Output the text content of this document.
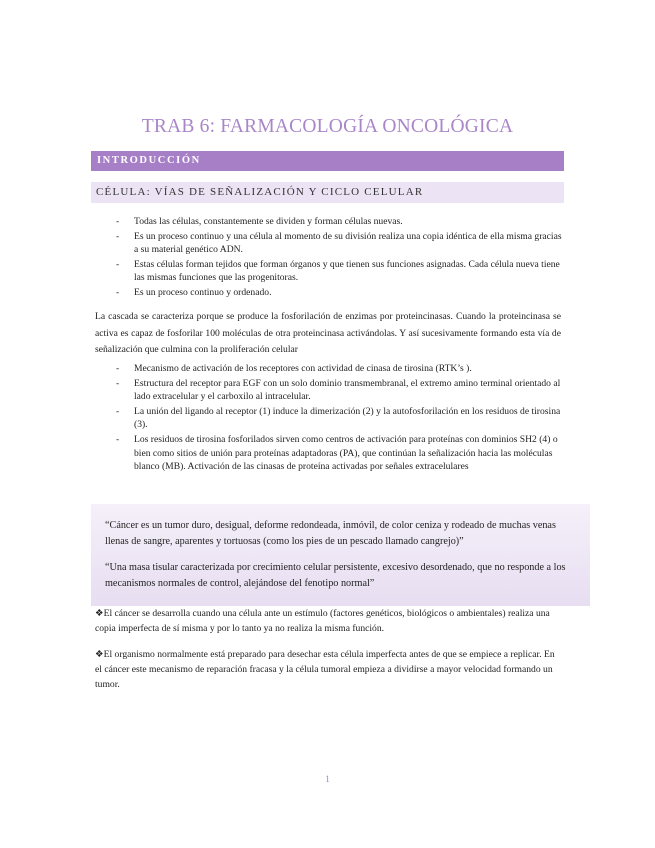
TRAB 6: FARMACOLOGÍA ONCOLÓGICA
INTRODUCCIÓN
CÉLULA: VÍAS DE SEÑALIZACIÓN Y CICLO CELULAR
- Todas las células, constantemente se dividen y forman células nuevas.
- Es un proceso continuo y una célula al momento de su división realiza una copia idéntica de ella misma gracias a su material genético ADN.
- Estas células forman tejidos que forman órganos y que tienen sus funciones asignadas. Cada célula nueva tiene las mismas funciones que las progenitoras.
- Es un proceso continuo y ordenado.

La cascada se caracteriza porque se produce la fosforilación de enzimas por proteincinasas. Cuando la proteincinasa se activa es capaz de fosforilar 100 moléculas de otra proteincinasa activándolas. Y así sucesivamente formando esta vía de señalización que culmina con la proliferación celular

- Mecanismo de activación de los receptores con actividad de cinasa de tirosina (RTK’s ).
- Estructura del receptor para EGF con un solo dominio transmembranal, el extremo amino terminal orientado al lado extracelular y el carboxilo al intracelular.
- La unión del ligando al receptor (1) induce la dimerización (2) y la autofosforilación en los residuos de tirosina (3).
- Los residuos de tirosina fosforilados sirven como centros de activación para proteínas con dominios SH2 (4) o bien como sitios de unión para proteínas adaptadoras (PA), que continúan la señalización hacia las moléculas blanco (MB). Activación de las cinasas de proteína activadas por señales extracelulares

“Cáncer es un tumor duro, desigual, deforme redondeada, inmóvil, de color ceniza y rodeado de muchas venas llenas de sangre, aparentes y tortuosas (como los pies de un pescado llamado cangrejo)”

“Una masa tisular caracterizada por crecimiento celular persistente, excesivo desordenado, que no responde a los mecanismos normales de control, alejándose del fenotipo normal”

❖El cáncer se desarrolla cuando una célula ante un estímulo (factores genéticos, biológicos o ambientales) realiza una copia imperfecta de sí misma y por lo tanto ya no realiza la misma función.

❖El organismo normalmente está preparado para desechar esta célula imperfecta antes de que se empiece a replicar. En el cáncer este mecanismo de reparación fracasa y la célula tumoral empieza a dividirse a mayor velocidad formando un tumor.

1
